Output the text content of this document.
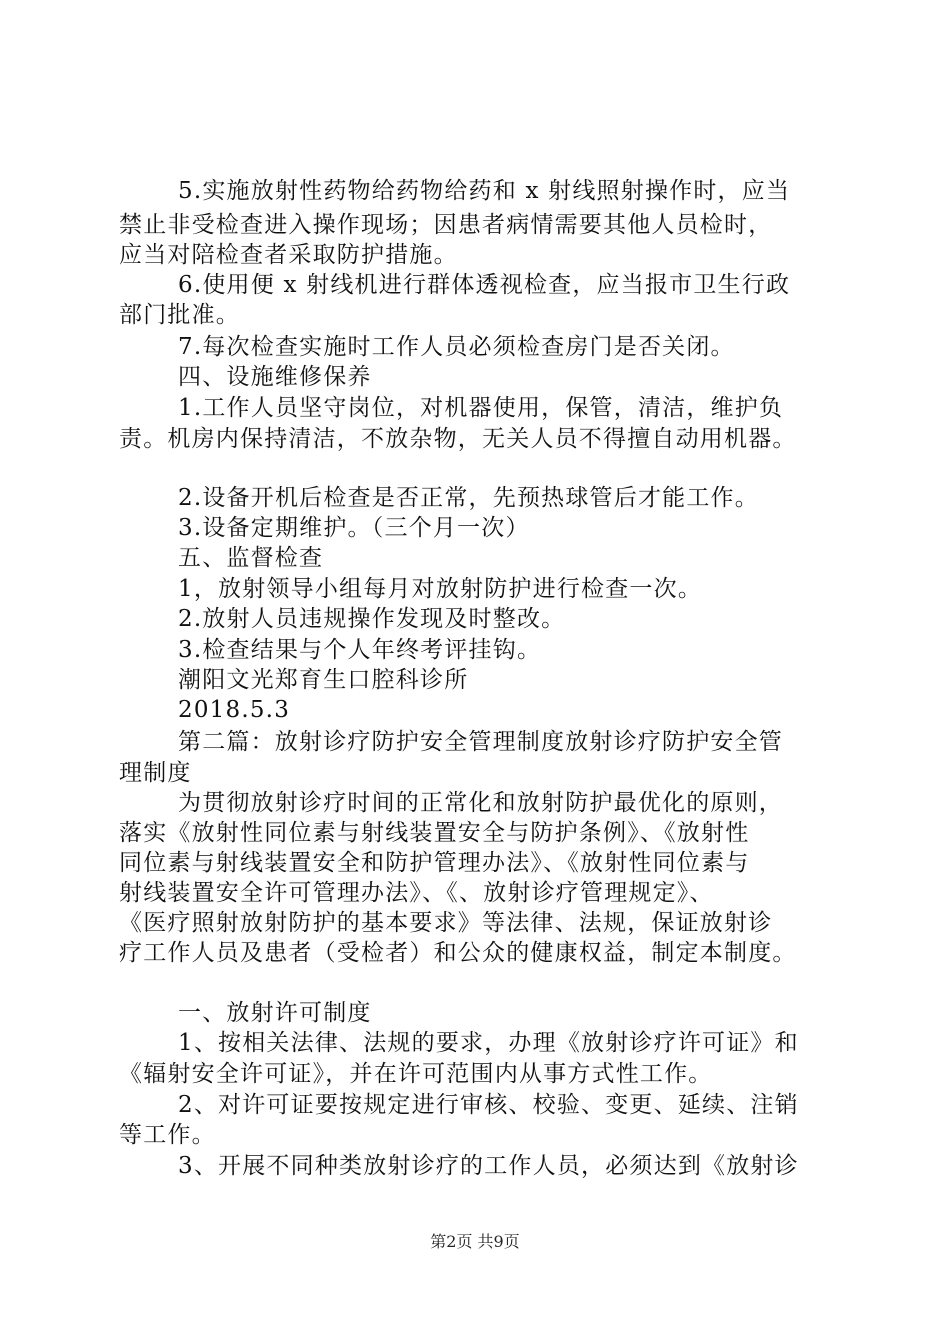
5.实施放射性药物给药物给药和 x 射线照射操作时，应当
禁止非受检查进入操作现场；因患者病情需要其他人员检时，
应当对陪检查者采取防护措施。
6.使用便 x 射线机进行群体透视检查，应当报市卫生行政
部门批准。
7.每次检查实施时工作人员必须检查房门是否关闭。
四、设施维修保养
1.工作人员坚守岗位，对机器使用，保管，清洁，维护负
责。机房内保持清洁，不放杂物，无关人员不得擅自动用机器。
2.设备开机后检查是否正常，先预热球管后才能工作。
3.设备定期维护。（三个月一次）
五、监督检查
1，放射领导小组每月对放射防护进行检查一次。
2.放射人员违规操作发现及时整改。
3.检查结果与个人年终考评挂钩。
潮阳文光郑育生口腔科诊所
2018.5.3
第二篇：放射诊疗防护安全管理制度放射诊疗防护安全管
理制度
为贯彻放射诊疗时间的正常化和放射防护最优化的原则，
落实《放射性同位素与射线装置安全与防护条例》、《放射性
同位素与射线装置安全和防护管理办法》、《放射性同位素与
射线装置安全许可管理办法》、《、放射诊疗管理规定》、
《医疗照射放射防护的基本要求》等法律、法规，保证放射诊
疗工作人员及患者（受检者）和公众的健康权益，制定本制度。
一、放射许可制度
1、按相关法律、法规的要求，办理《放射诊疗许可证》和
《辐射安全许可证》，并在许可范围内从事方式性工作。
2、对许可证要按规定进行审核、校验、变更、延续、注销
等工作。
3、开展不同种类放射诊疗的工作人员，必须达到《放射诊
第2页 共9页
